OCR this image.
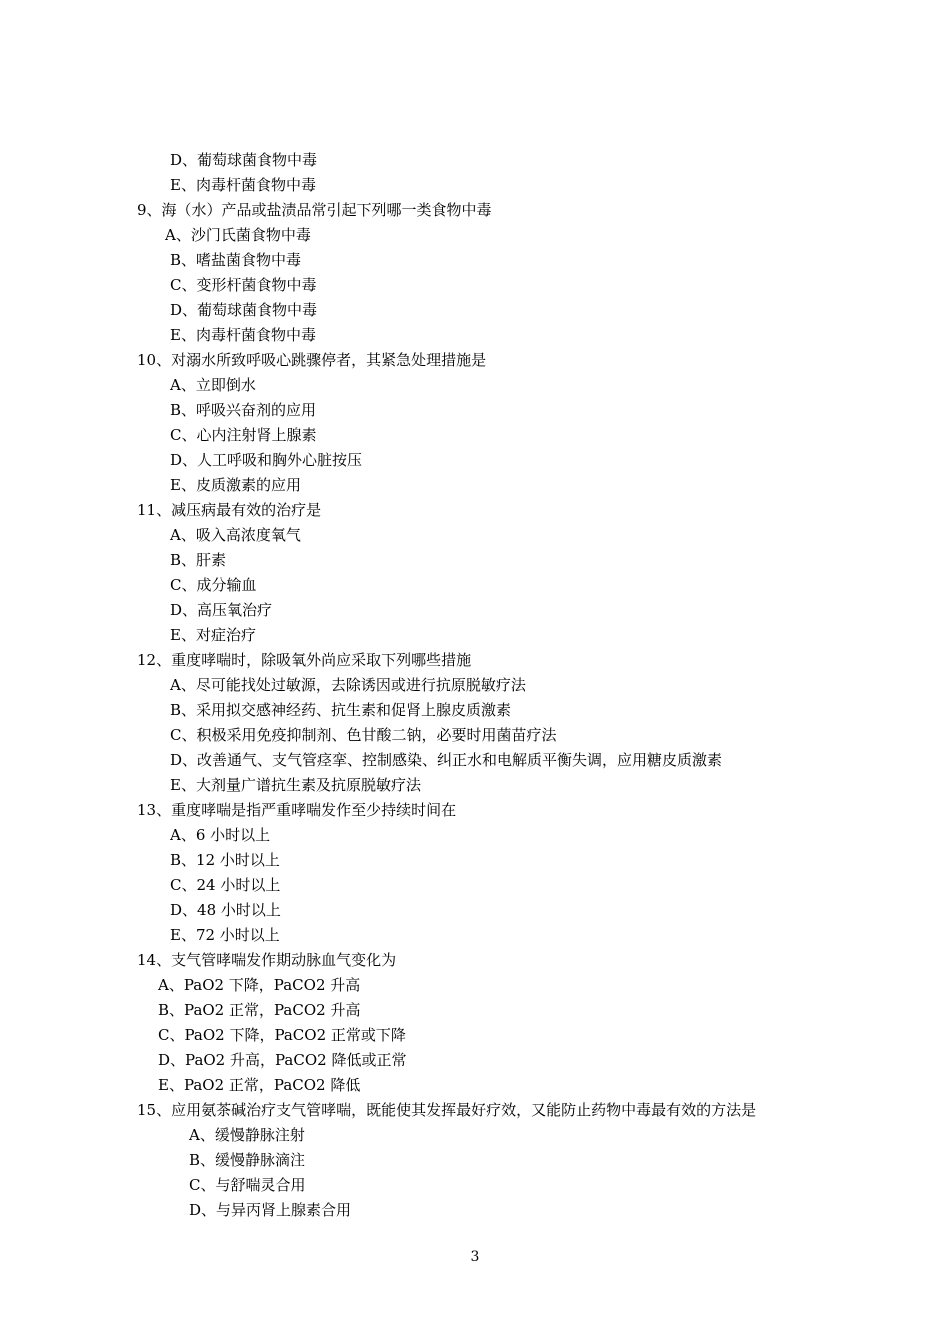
D、葡萄球菌食物中毒
E、肉毒杆菌食物中毒
9、海（水）产品或盐渍品常引起下列哪一类食物中毒
A、沙门氏菌食物中毒
B、嗜盐菌食物中毒
C、变形杆菌食物中毒
D、葡萄球菌食物中毒
E、肉毒杆菌食物中毒
10、对溺水所致呼吸心跳骤停者，其紧急处理措施是
A、立即倒水
B、呼吸兴奋剂的应用
C、心内注射肾上腺素
D、人工呼吸和胸外心脏按压
E、皮质激素的应用
11、减压病最有效的治疗是
A、吸入高浓度氧气
B、肝素
C、成分输血
D、高压氧治疗
E、对症治疗
12、重度哮喘时，除吸氧外尚应采取下列哪些措施
A、尽可能找处过敏源，去除诱因或进行抗原脱敏疗法
B、采用拟交感神经药、抗生素和促肾上腺皮质激素
C、积极采用免疫抑制剂、色甘酸二钠，必要时用菌苗疗法
D、改善通气、支气管痉挛、控制感染、纠正水和电解质平衡失调，应用糖皮质激素
E、大剂量广谱抗生素及抗原脱敏疗法
13、重度哮喘是指严重哮喘发作至少持续时间在
A、6 小时以上
B、12 小时以上
C、24 小时以上
D、48 小时以上
E、72 小时以上
14、支气管哮喘发作期动脉血气变化为
A、PaO2 下降，PaCO2 升高
B、PaO2 正常，PaCO2 升高
C、PaO2 下降，PaCO2 正常或下降
D、PaO2 升高，PaCO2 降低或正常
E、PaO2 正常，PaCO2 降低
15、应用氨茶碱治疗支气管哮喘，既能使其发挥最好疗效，又能防止药物中毒最有效的方法是
A、缓慢静脉注射
B、缓慢静脉滴注
C、与舒喘灵合用
D、与异丙肾上腺素合用
3
